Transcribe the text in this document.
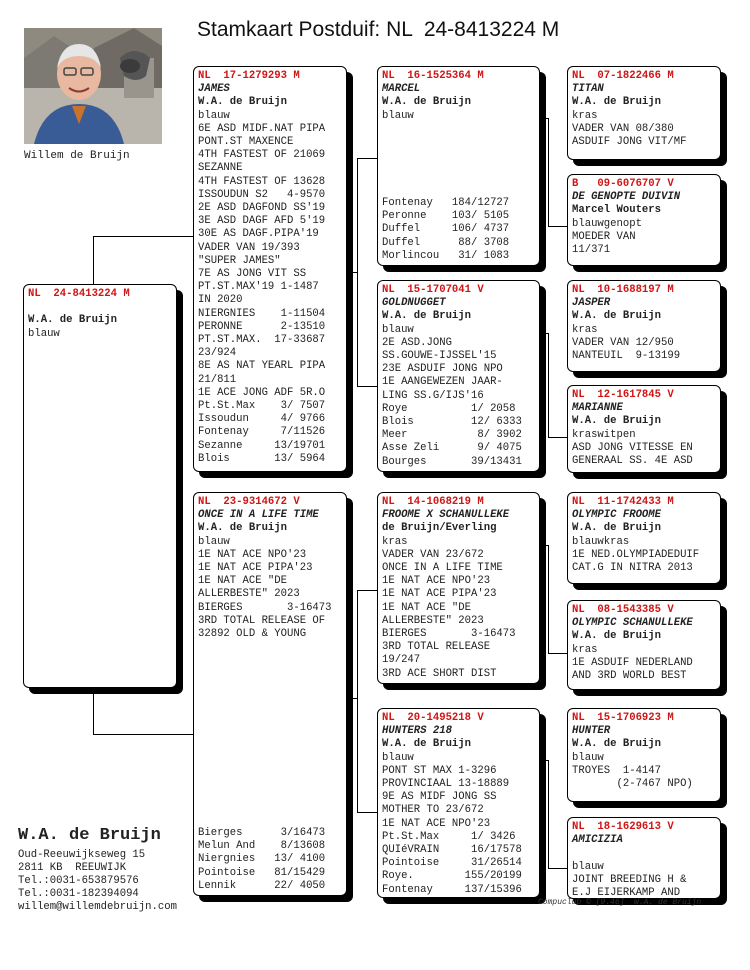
Stamkaart Postduif: NL  24-8413224 M
Willem de Bruijn
NL  24-8413224 M
W.A. de Bruijn
blauw
NL  17-1279293 M
JAMES
W.A. de Bruijn
blauw
6E ASD MIDF.NAT PIPA
PONT.ST MAXENCE
4TH FASTEST OF 21069
SEZANNE
4TH FASTEST OF 13628
ISSOUDUN S2   4-9570
2E ASD DAGFOND SS'19
3E ASD DAGF AFD 5'19
30E AS DAGF.PIPA'19
VADER VAN 19/393
"SUPER JAMES"
7E AS JONG VIT SS
PT.ST.MAX'19 1-1487
IN 2020
NIERGNIES    1-11504
PERONNE      2-13510
PT.ST.MAX.  17-33687
23/924
8E AS NAT YEARL PIPA
21/811
1E ACE JONG ADF 5R.O
Pt.St.Max    3/ 7507
Issoudun     4/ 9766
Fontenay     7/11526
Sezanne     13/19701
Blois       13/ 5964
NL  23-9314672 V
ONCE IN A LIFE TIME
W.A. de Bruijn
blauw
1E NAT ACE NPO'23
1E NAT ACE PIPA'23
1E NAT ACE "DE
ALLERBESTE" 2023
BIERGES       3-16473
3RD TOTAL RELEASE OF
32892 OLD & YOUNG
Bierges      3/16473
Melun And    8/13608
Niergnies   13/ 4100
Pointoise   81/15429
Lennik      22/ 4050
NL  16-1525364 M
MARCEL
W.A. de Bruijn
blauw
Fontenay   184/12727
Peronne    103/ 5105
Duffel     106/ 4737
Duffel      88/ 3708
Morlincou   31/ 1083
NL  15-1707041 V
GOLDNUGGET
W.A. de Bruijn
blauw
2E ASD.JONG
SS.GOUWE-IJSSEL'15
23E ASDUIF JONG NPO
1E AANGEWEZEN JAAR-
LING SS.G/IJS'16
Roye          1/ 2058
Blois         12/ 6333
Meer           8/ 3902
Asse Zeli      9/ 4075
Bourges       39/13431
NL  14-1068219 M
FROOME X SCHANULLEKE
de Bruijn/Everling
kras
VADER VAN 23/672
ONCE IN A LIFE TIME
1E NAT ACE NPO'23
1E NAT ACE PIPA'23
1E NAT ACE "DE
ALLERBESTE" 2023
BIERGES       3-16473
3RD TOTAL RELEASE
19/247
3RD ACE SHORT DIST
NL  20-1495218 V
HUNTERS 218
W.A. de Bruijn
blauw
PONT ST MAX 1-3296
PROVINCIAAL 13-18889
9E AS MIDF JONG SS
MOTHER TO 23/672
1E NAT ACE NPO'23
Pt.St.Max     1/ 3426
QUIéVRAIN     16/17578
Pointoise     31/26514
Roye.        155/20199
Fontenay     137/15396
NL  07-1822466 M
TITAN
W.A. de Bruijn
kras
VADER VAN 08/380
ASDUIF JONG VIT/MF
B   09-6076707 V
DE GENOPTE DUIVIN
Marcel Wouters
blauwgenopt
MOEDER VAN
11/371
NL  10-1688197 M
JASPER
W.A. de Bruijn
kras
VADER VAN 12/950
NANTEUIL  9-13199
NL  12-1617845 V
MARIANNE
W.A. de Bruijn
kraswitpen
ASD JONG VITESSE EN
GENERAAL SS. 4E ASD
NL  11-1742433 M
OLYMPIC FROOME
W.A. de Bruijn
blauwkras
1E NED.OLYMPIADEDUIF
CAT.G IN NITRA 2013
NL  08-1543385 V
OLYMPIC SCHANULLEKE
W.A. de Bruijn
kras
1E ASDUIF NEDERLAND
AND 3RD WORLD BEST
NL  15-1706923 M
HUNTER
W.A. de Bruijn
blauw
TROYES  1-4147
(2-7467 NPO)
NL  18-1629613 V
AMICIZIA
blauw
JOINT BREEDING H &
E.J EIJERKAMP AND
W.A. de Bruijn
Oud-Reeuwijkseweg 15
2811 KB  REEUWIJK
Tel.:0031-653879576
Tel.:0031-182394094
willem@willemdebruijn.com	Compuclub © [9.46]  W.A. de Bruijn
